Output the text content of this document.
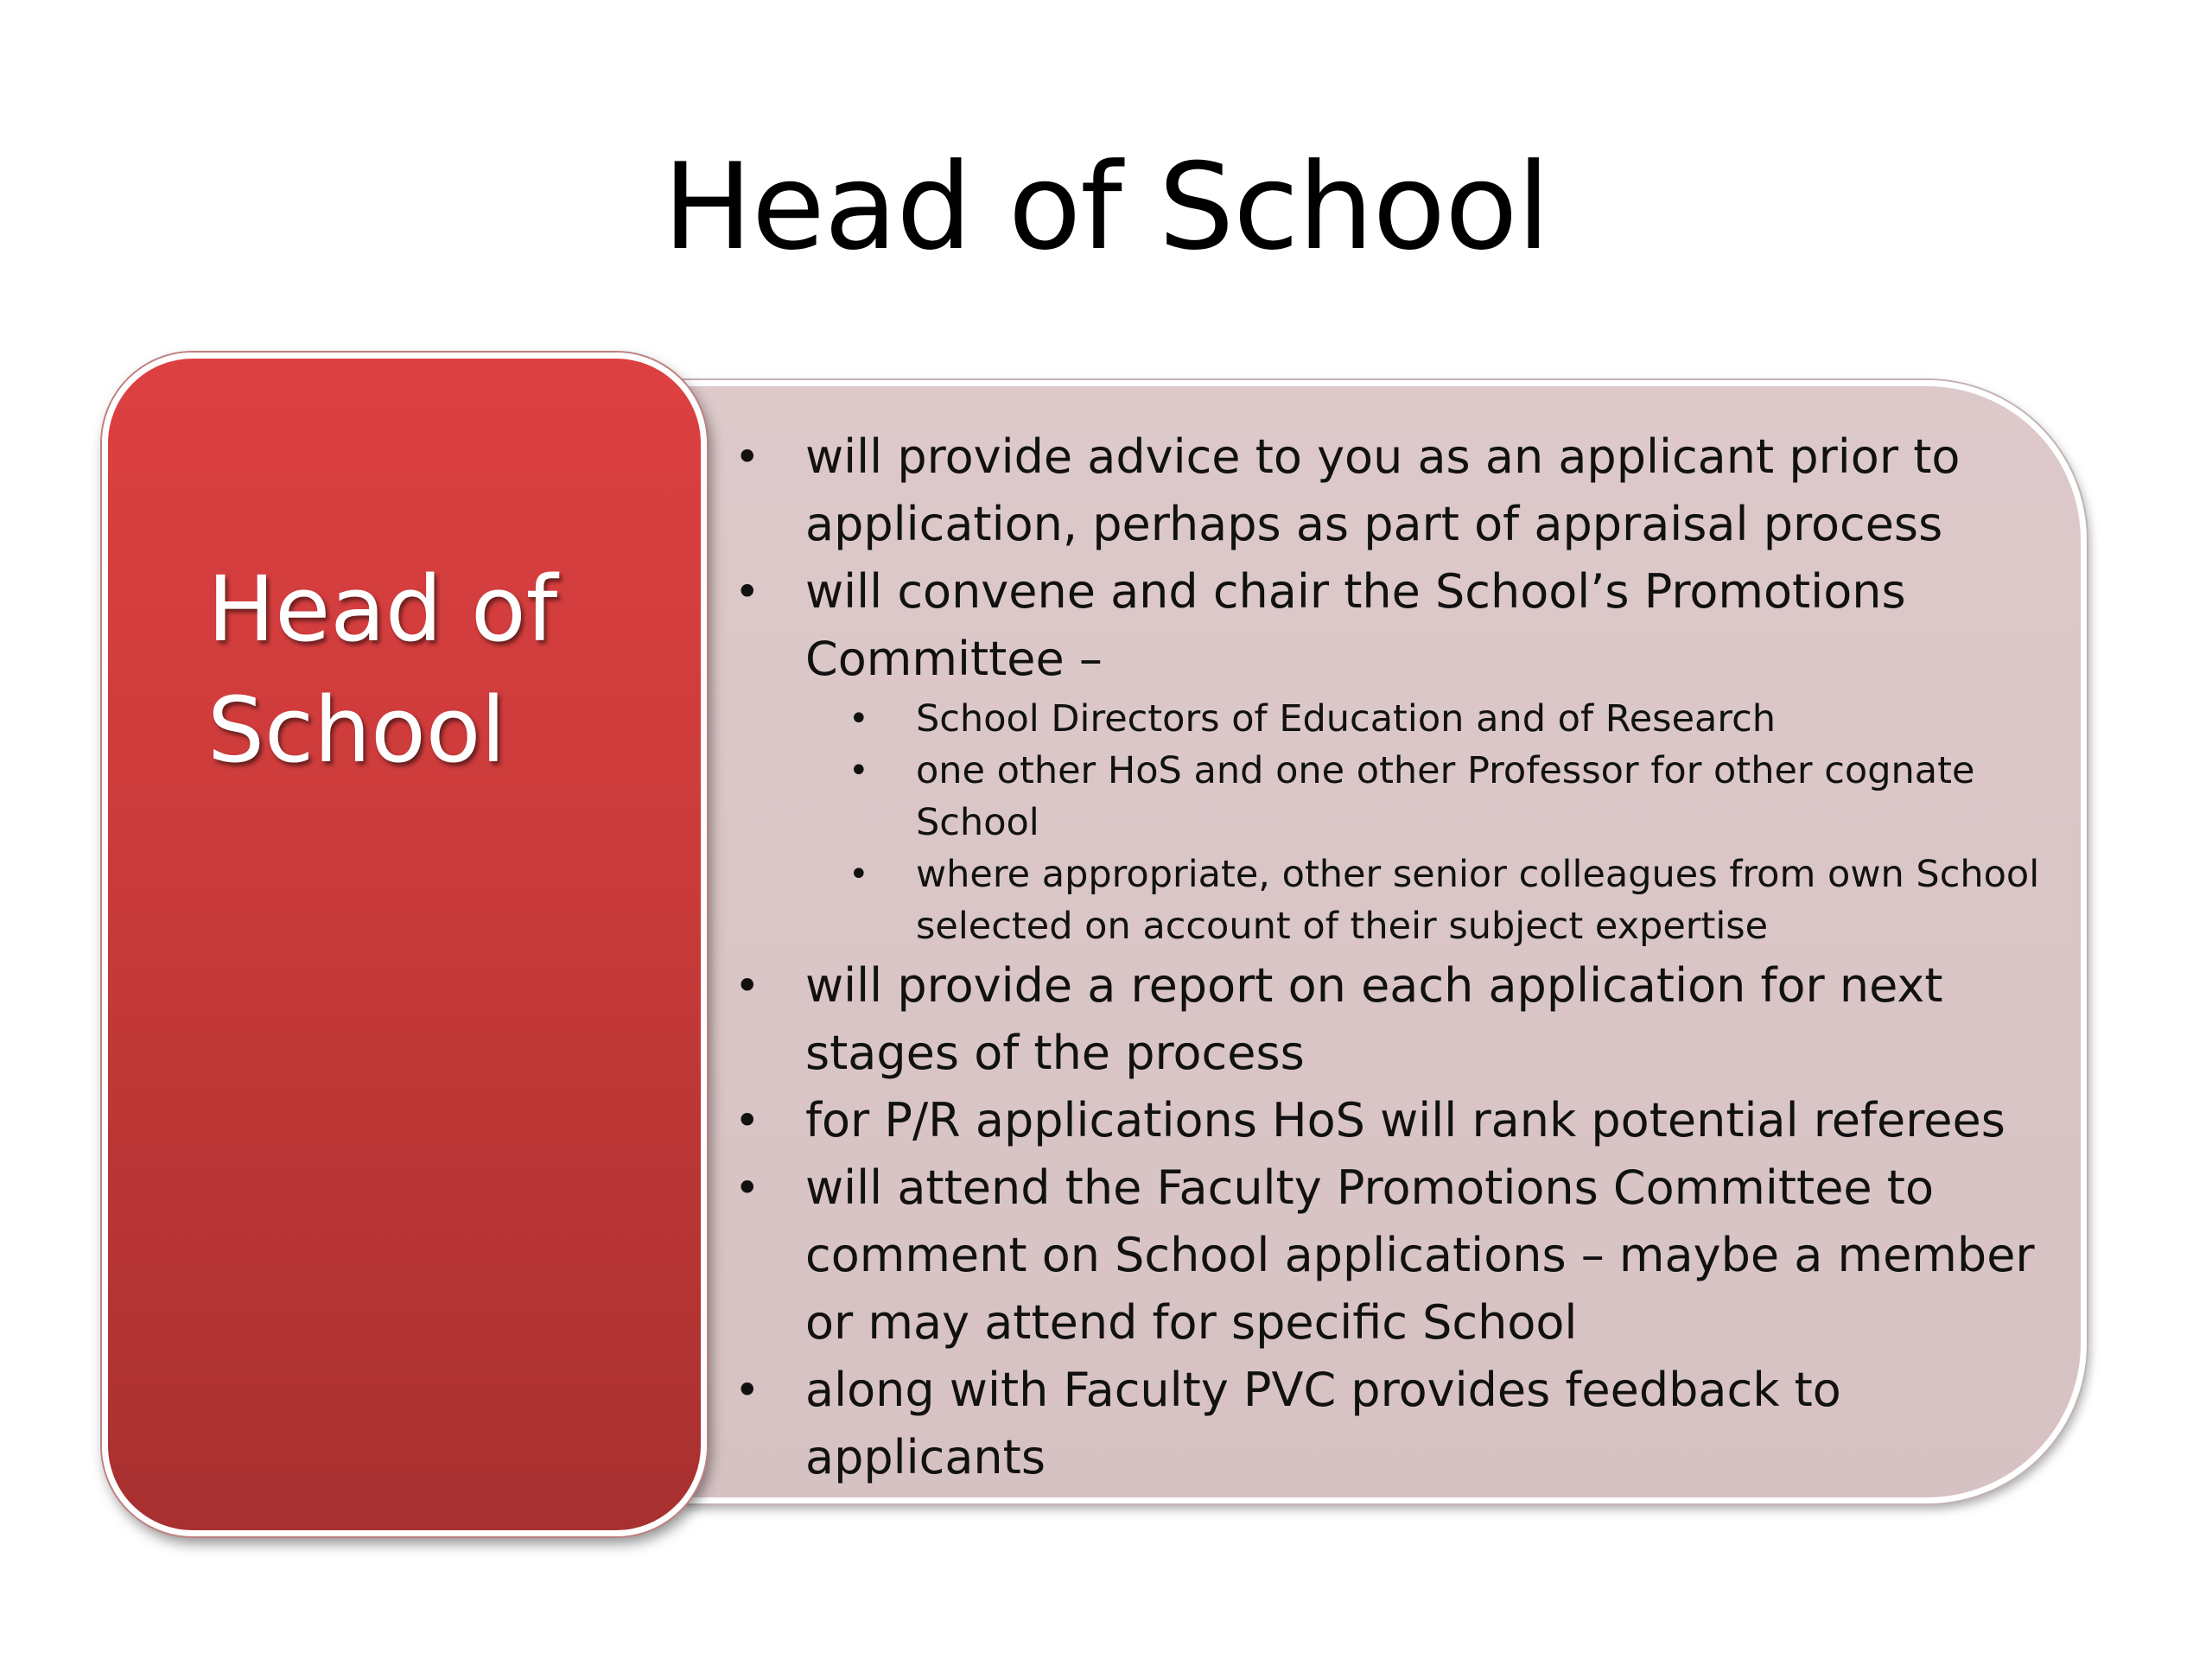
Head of School

Head of
School

• will provide advice to you as an applicant prior to application, perhaps as part of appraisal process
• will convene and chair the School’s Promotions Committee –
• School Directors of Education and of Research
• one other HoS and one other Professor for other cognate School
• where appropriate, other senior colleagues from own School selected on account of their subject expertise
• will provide a report on each application for next stages of the process
• for P/R applications HoS will rank potential referees
• will attend the Faculty Promotions Committee to comment on School applications – maybe a member or may attend for specific School
• along with Faculty PVC provides feedback to applicants
